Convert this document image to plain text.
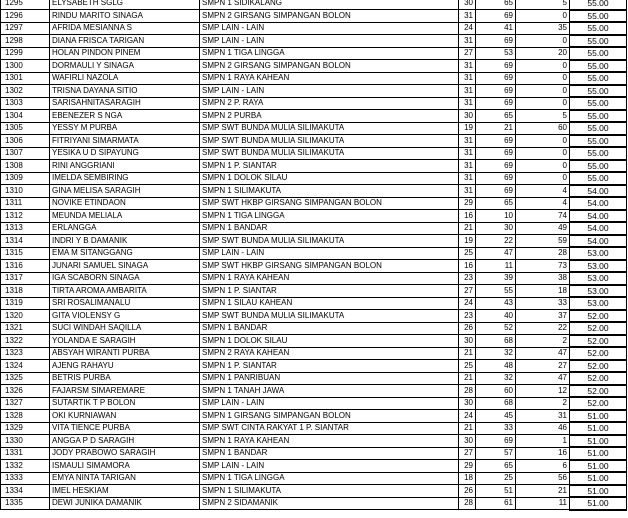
1295	ELYSABETH SGLG	SMPN 1 SIDIKALANG	30	65	5	55.00
1296	RINDU MARITO SINAGA	SMPN 2 GIRSANG SIMPANGAN BOLON	31	69	0	55.00
1297	AFRIDA MESIANNA S	SMP LAIN - LAIN	24	41	35	55.00
1298	DIANA FRISCA TARIGAN	SMP LAIN - LAIN	31	69	0	55.00
1299	HOLAN PINDON PINEM	SMPN 1 TIGA LINGGA	27	53	20	55.00
1300	DORMAULI Y SINAGA	SMPN 2 GIRSANG SIMPANGAN BOLON	31	69	0	55.00
1301	WAFIRLI NAZOLA	SMPN 1 RAYA KAHEAN	31	69	0	55.00
1302	TRISNA DAYANA SITIO	SMP LAIN - LAIN	31	69	0	55.00
1303	SARISAHNITASARAGIH	SMPN 2 P. RAYA	31	69	0	55.00
1304	EBENEZER S NGA	SMPN 2 PURBA	30	65	5	55.00
1305	YESSY M PURBA	SMP SWT BUNDA MULIA SILIMAKUTA	19	21	60	55.00
1306	FITRIYANI SIMARMATA	SMP SWT BUNDA MULIA SILIMAKUTA	31	69	0	55.00
1307	YESIKA U D SIPAYUNG	SMP SWT BUNDA MULIA SILIMAKUTA	31	69	0	55.00
1308	RINI ANGGRIANI	SMPN 1 P. SIANTAR	31	69	0	55.00
1309	IMELDA SEMBIRING	SMPN 1 DOLOK SILAU	31	69	0	55.00
1310	GINA MELISA SARAGIH	SMPN 1 SILIMAKUTA	31	69	4	54.00
1311	NOVIKE ETINDAON	SMP SWT HKBP GIRSANG SIMPANGAN BOLON	29	65	4	54.00
1312	MEUNDA MELIALA	SMPN 1 TIGA LINGGA	16	10	74	54.00
1313	ERLANGGA	SMPN 1 BANDAR	21	30	49	54.00
1314	INDRI Y B DAMANIK	SMP SWT BUNDA MULIA SILIMAKUTA	19	22	59	54.00
1315	EMA M SITANGGANG	SMP LAIN - LAIN	25	47	28	53.00
1316	JUNARI SAMUEL SINAGA	SMP SWT HKBP GIRSANG SIMPANGAN BOLON	16	11	73	53.00
1317	IGA SCABORN SINAGA	SMPN 1 RAYA KAHEAN	23	39	38	53.00
1318	TIRTA AROMA AMBARITA	SMPN 1 P. SIANTAR	27	55	18	53.00
1319	SRI ROSALIMANALU	SMPN 1 SILAU KAHEAN	24	43	33	53.00
1320	GITA VIOLENSY G	SMP SWT BUNDA MULIA SILIMAKUTA	23	40	37	52.00
1321	SUCI WINDAH SAQILLA	SMPN 1 BANDAR	26	52	22	52.00
1322	YOLANDA E SARAGIH	SMPN 1 DOLOK SILAU	30	68	2	52.00
1323	ABSYAH WIRANTI PURBA	SMPN 2 RAYA KAHEAN	21	32	47	52.00
1324	AJENG RAHAYU	SMPN 1 P. SIANTAR	25	48	27	52.00
1325	BETRIS PURBA	SMPN 1 PANRIBUAN	21	32	47	52.00
1326	FAJARSM SIMAREMARE	SMPN 1 TANAH JAWA	28	60	12	52.00
1327	SUTARTIK T P BOLON	SMP LAIN - LAIN	30	68	2	52.00
1328	OKI KURNIAWAN	SMPN 1 GIRSANG SIMPANGAN BOLON	24	45	31	51.00
1329	VITA TIENCE PURBA	SMP SWT CINTA RAKYAT 1 P. SIANTAR	21	33	46	51.00
1330	ANGGA P D SARAGIH	SMPN 1 RAYA KAHEAN	30	69	1	51.00
1331	JODY PRABOWO SARAGIH	SMPN 1 BANDAR	27	57	16	51.00
1332	ISMAULI SIMAMORA	SMP LAIN - LAIN	29	65	6	51.00
1333	EMYA NINTA TARIGAN	SMPN 1 TIGA LINGGA	18	25	56	51.00
1334	IMEL HESKIAM	SMPN 1 SILIMAKUTA	26	51	21	51.00
1335	DEWI JUNIKA DAMANIK	SMPN 2 SIDAMANIK	28	61	11	51.00
